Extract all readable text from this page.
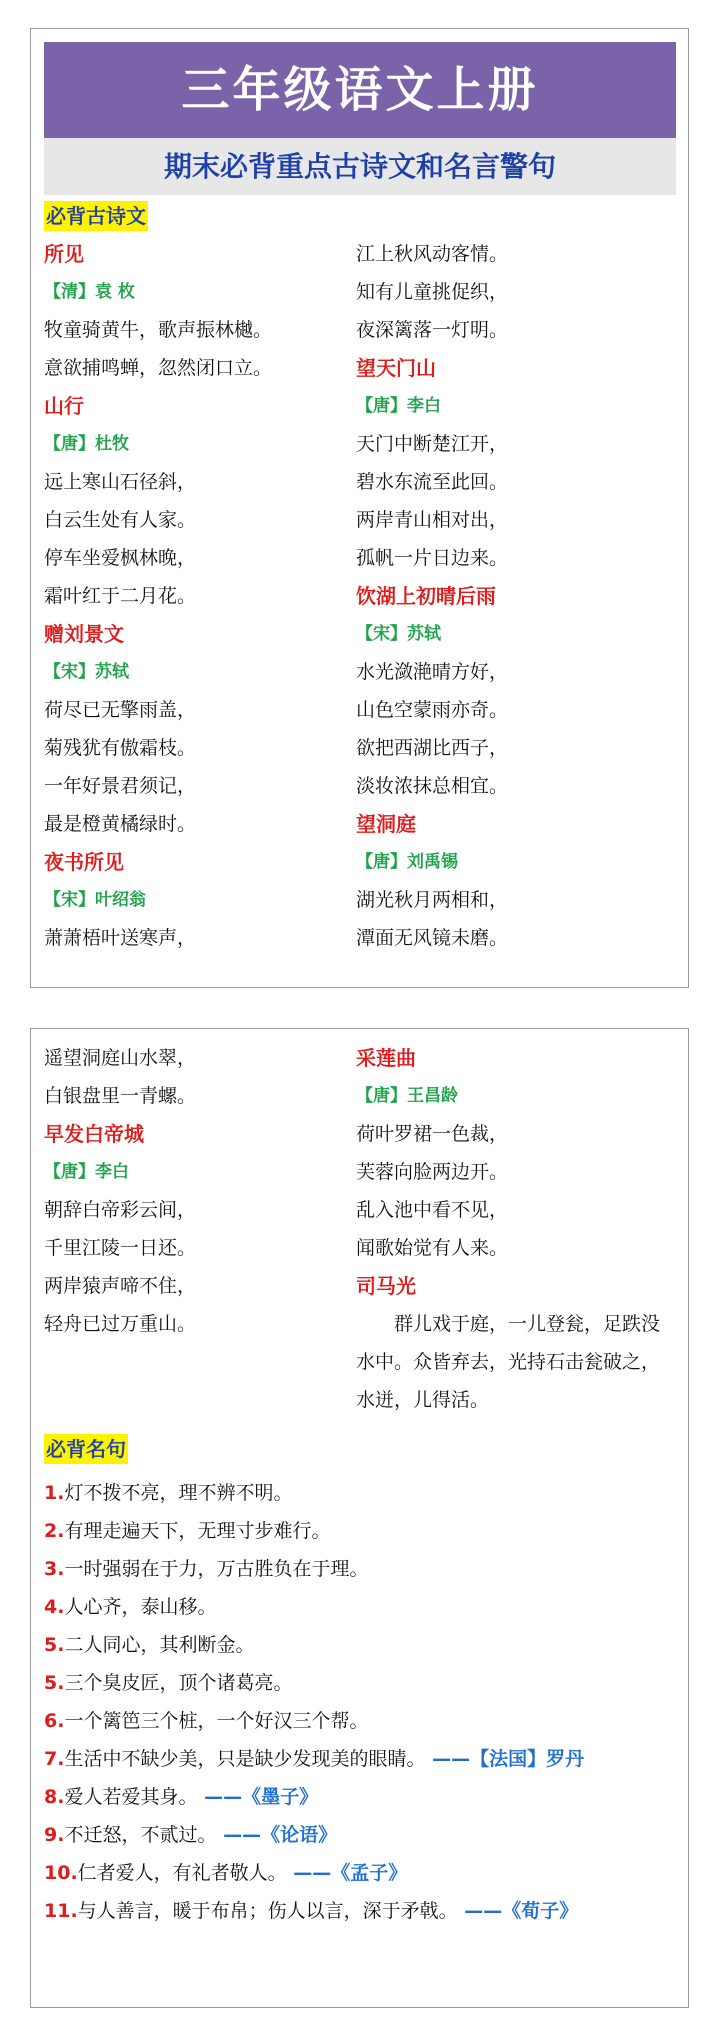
三年级语文上册
期末必背重点古诗文和名言警句
必背古诗文
所见
【清】袁 枚
牧童骑黄牛，歌声振林樾。
意欲捕鸣蝉，忽然闭口立。
山行
【唐】杜牧
远上寒山石径斜，
白云生处有人家。
停车坐爱枫林晚，
霜叶红于二月花。
赠刘景文
【宋】苏轼
荷尽已无擎雨盖，
菊残犹有傲霜枝。
一年好景君须记，
最是橙黄橘绿时。
夜书所见
【宋】叶绍翁
萧萧梧叶送寒声，
江上秋风动客情。
知有儿童挑促织，
夜深篱落一灯明。
望天门山
【唐】李白
天门中断楚江开，
碧水东流至此回。
两岸青山相对出，
孤帆一片日边来。
饮湖上初晴后雨
【宋】苏轼
水光潋滟晴方好，
山色空蒙雨亦奇。
欲把西湖比西子，
淡妆浓抹总相宜。
望洞庭
【唐】刘禹锡
湖光秋月两相和，
潭面无风镜未磨。
遥望洞庭山水翠，
白银盘里一青螺。
早发白帝城
【唐】李白
朝辞白帝彩云间，
千里江陵一日还。
两岸猿声啼不住，
轻舟已过万重山。
采莲曲
【唐】王昌龄
荷叶罗裙一色裁，
芙蓉向脸两边开。
乱入池中看不见，
闻歌始觉有人来。
司马光
群儿戏于庭，一儿登瓮，足跌没水中。众皆弃去，光持石击瓮破之，水迸，儿得活。
必背名句
1.灯不拨不亮，理不辨不明。
2.有理走遍天下，无理寸步难行。
3.一时强弱在于力，万古胜负在于理。
4.人心齐，泰山移。
5.二人同心，其利断金。
5.三个臭皮匠，顶个诸葛亮。
6.一个篱笆三个桩，一个好汉三个帮。
7.生活中不缺少美，只是缺少发现美的眼睛。 ——【法国】罗丹
8.爱人若爱其身。 ——《墨子》
9.不迁怒，不贰过。 ——《论语》
10.仁者爱人，有礼者敬人。 ——《孟子》
11.与人善言，暖于布帛；伤人以言，深于矛戟。 ——《荀子》
